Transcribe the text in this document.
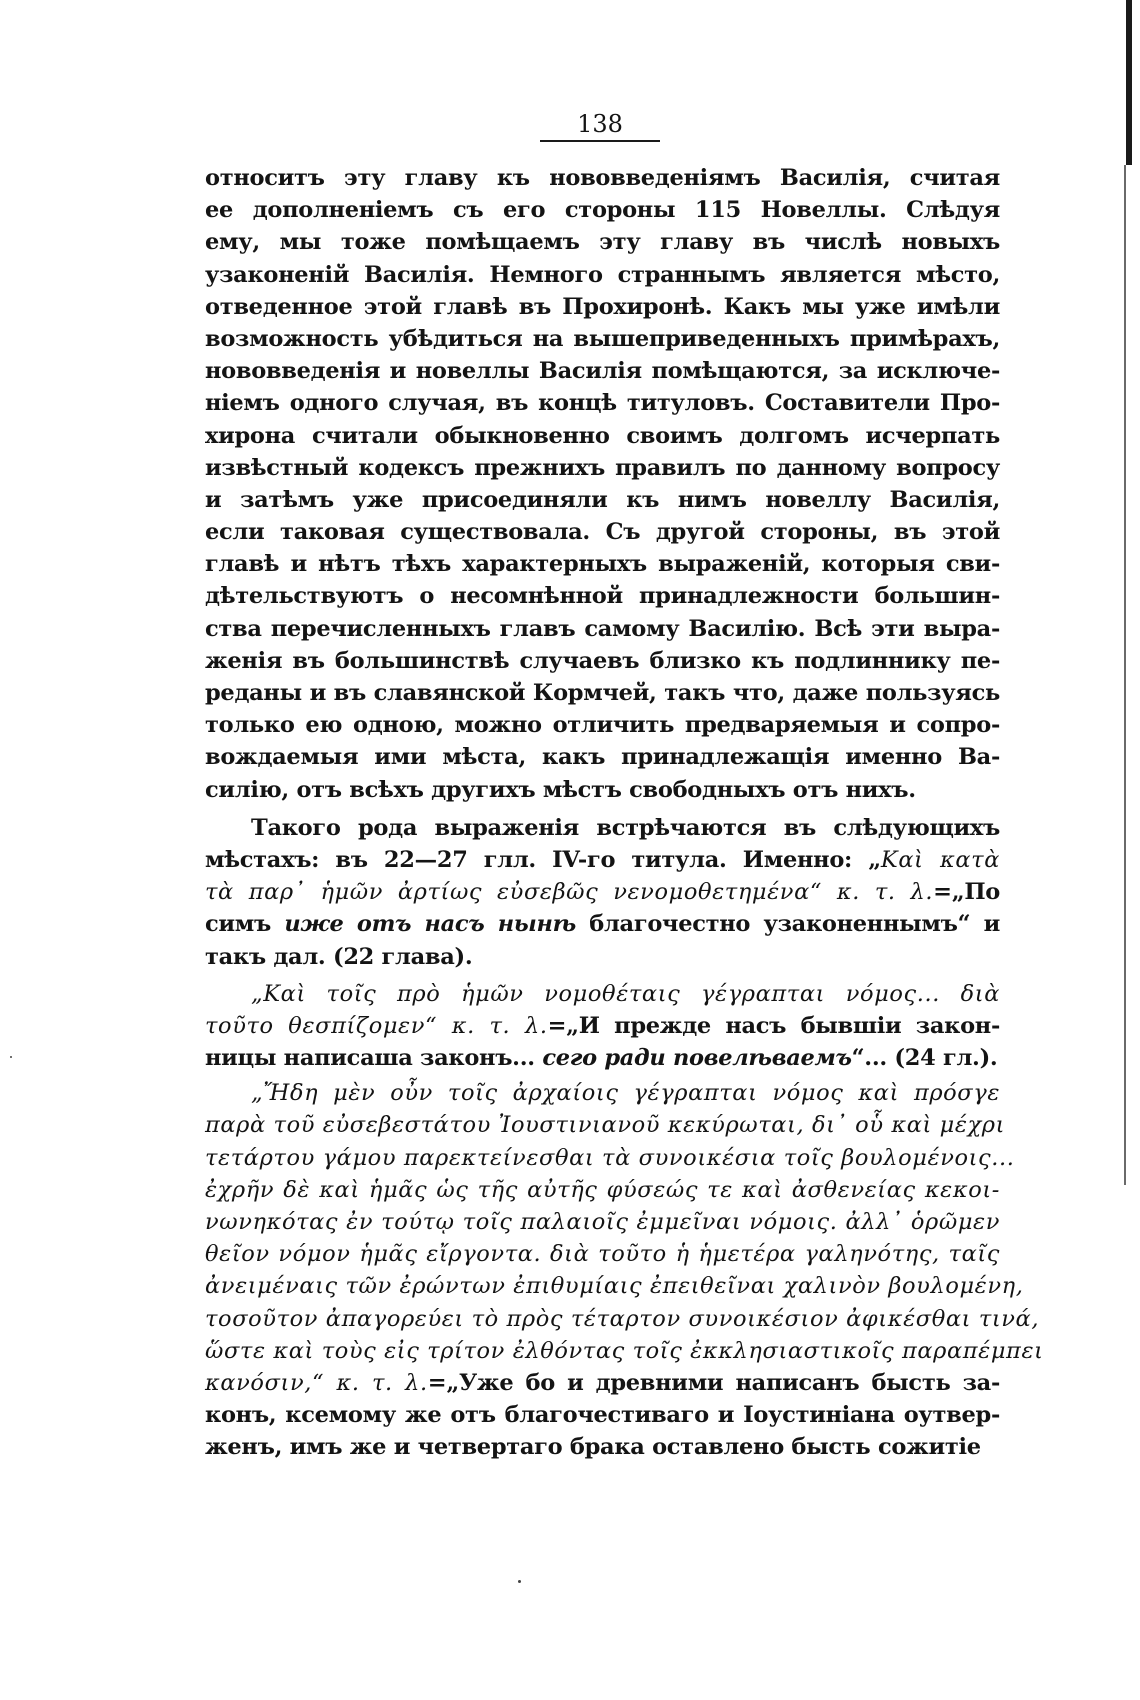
138
относитъ эту главу къ нововведеніямъ Василія, считая
ее дополненіемъ съ его стороны 115 Новеллы. Слѣдуя
ему, мы тоже помѣщаемъ эту главу въ числѣ новыхъ
узаконеній Василія. Немного страннымъ является мѣсто,
отведенное этой главѣ въ Прохиронѣ. Какъ мы уже имѣли
возможность убѣдиться на вышеприведенныхъ примѣрахъ,
нововведенія и новеллы Василія помѣщаются, за исключе-
ніемъ одного случая, въ концѣ титуловъ. Составители Про-
хирона считали обыкновенно своимъ долгомъ исчерпать
извѣстный кодексъ прежнихъ правилъ по данному вопросу
и затѣмъ уже присоединяли къ нимъ новеллу Василія,
если таковая существовала. Съ другой стороны, въ этой
главѣ и нѣтъ тѣхъ характерныхъ выраженій, которыя сви-
дѣтельствуютъ о несомнѣнной принадлежности большин-
ства перечисленныхъ главъ самому Василію. Всѣ эти выра-
женія въ большинствѣ случаевъ близко къ подлиннику пе-
реданы и въ славянской Кормчей, такъ что, даже пользуясь
только ею одною, можно отличить предваряемыя и сопро-
вождаемыя ими мѣста, какъ принадлежащія именно Ва-
силію, отъ всѣхъ другихъ мѣстъ свободныхъ отъ нихъ.
Такого рода выраженія встрѣчаются въ слѣдующихъ
мѣстахъ: въ 22—27 глл. IV-го титула. Именно: „Καὶ κατὰ
τὰ παρ᾽ ἡμῶν ἀρτίως εὐσεβῶς νενομοθετημένα“ κ. τ. λ.=„По
симъ иже отъ насъ нынѣ благочестно узаконеннымъ“ и
такъ дал. (22 глава).
„Καὶ τοῖς πρὸ ἡμῶν νομοθέταις γέγραπται νόμος... διὰ
τοῦτο θεσπίζομεν“ κ. τ. λ.=„И прежде насъ бывшіи закон-
ницы написаша законъ... сего ради повелѣваемъ“... (24 гл.).
„Ἤδη μὲν οὖν τοῖς ἀρχαίοις γέγραπται νόμος καὶ πρόσγε
παρὰ τοῦ εὐσεβεστάτου Ἰουστινιανοῦ κεκύρωται, δι᾽ οὗ καὶ μέχρι
τετάρτου γάμου παρεκτείνεσθαι τὰ συνοικέσια τοῖς βουλομένοις...
ἐχρῆν δὲ καὶ ἡμᾶς ὡς τῆς αὐτῆς φύσεώς τε καὶ ἀσθενείας κεκοι-
νωνηκότας ἐν τούτῳ τοῖς παλαιοῖς ἐμμεῖναι νόμοις. ἀλλ᾽ ὁρῶμεν
θεῖον νόμον ἡμᾶς εἴργοντα. διὰ τοῦτο ἡ ἡμετέρα γαληνότης, ταῖς
ἀνειμέναις τῶν ἐρώντων ἐπιθυμίαις ἐπειθεῖναι χαλινὸν βουλομένη,
τοσοῦτον ἀπαγορεύει τὸ πρὸς τέταρτον συνοικέσιον ἀφικέσθαι τινά,
ὥστε καὶ τοὺς εἰς τρίτον ἐλθόντας τοῖς ἐκκλησιαστικοῖς παραπέμπει
κανόσιν,“ κ. τ. λ.=„Уже бо и древними написанъ бысть за-
конъ, ксемому же отъ благочестиваго и Іоустиніана оутвер-
женъ, имъ же и четвертаго брака оставлено бысть сожитіе
